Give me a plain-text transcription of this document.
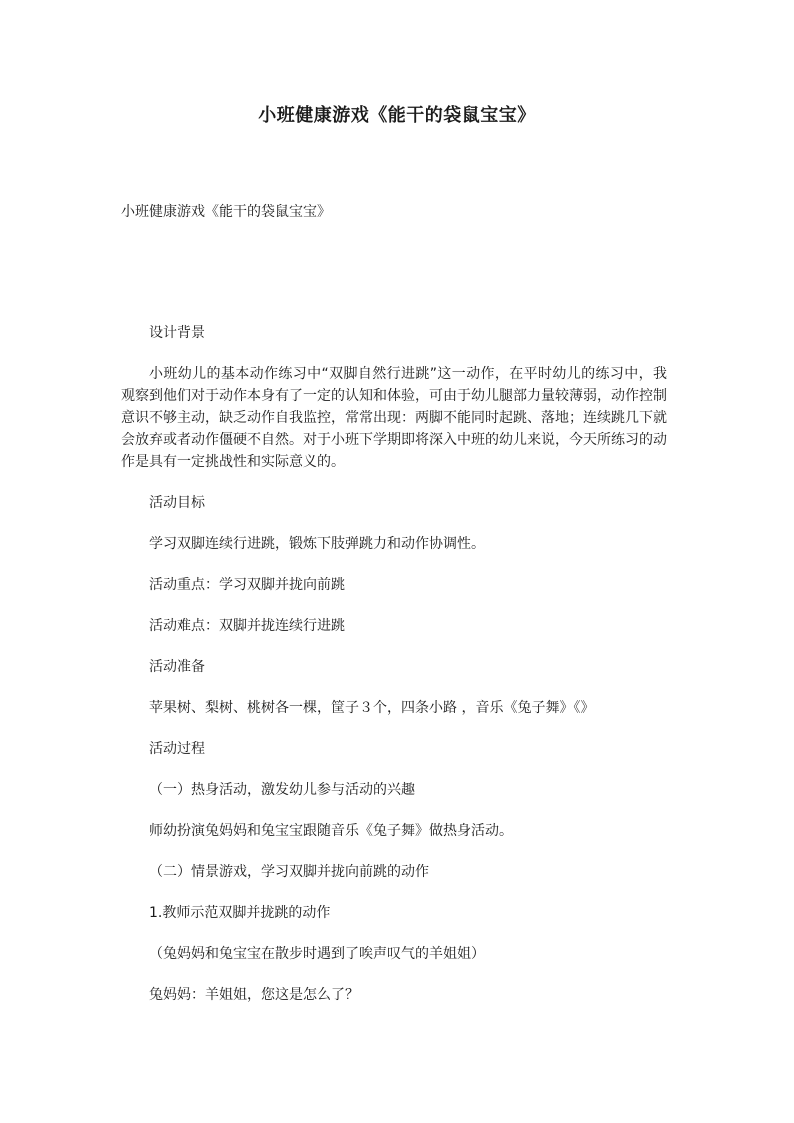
小班健康游戏《能干的袋鼠宝宝》
小班健康游戏《能干的袋鼠宝宝》

设计背景

小班幼儿的基本动作练习中“双脚自然行进跳”这一动作，在平时幼儿的练习中，我观察到他们对于动作本身有了一定的认知和体验，可由于幼儿腿部力量较薄弱，动作控制意识不够主动，缺乏动作自我监控，常常出现：两脚不能同时起跳、落地；连续跳几下就会放弃或者动作僵硬不自然。对于小班下学期即将深入中班的幼儿来说，今天所练习的动作是具有一定挑战性和实际意义的。

活动目标

学习双脚连续行进跳，锻炼下肢弹跳力和动作协调性。

活动重点：学习双脚并拢向前跳

活动难点：双脚并拢连续行进跳

活动准备

苹果树、梨树、桃树各一棵，筐子３个，四条小路 ，音乐《兔子舞》《》

活动过程

（一）热身活动，激发幼儿参与活动的兴趣

师幼扮演兔妈妈和兔宝宝跟随音乐《兔子舞》做热身活动。

（二）情景游戏，学习双脚并拢向前跳的动作

1.教师示范双脚并拢跳的动作

（兔妈妈和兔宝宝在散步时遇到了唉声叹气的羊姐姐）

兔妈妈：羊姐姐，您这是怎么了？
